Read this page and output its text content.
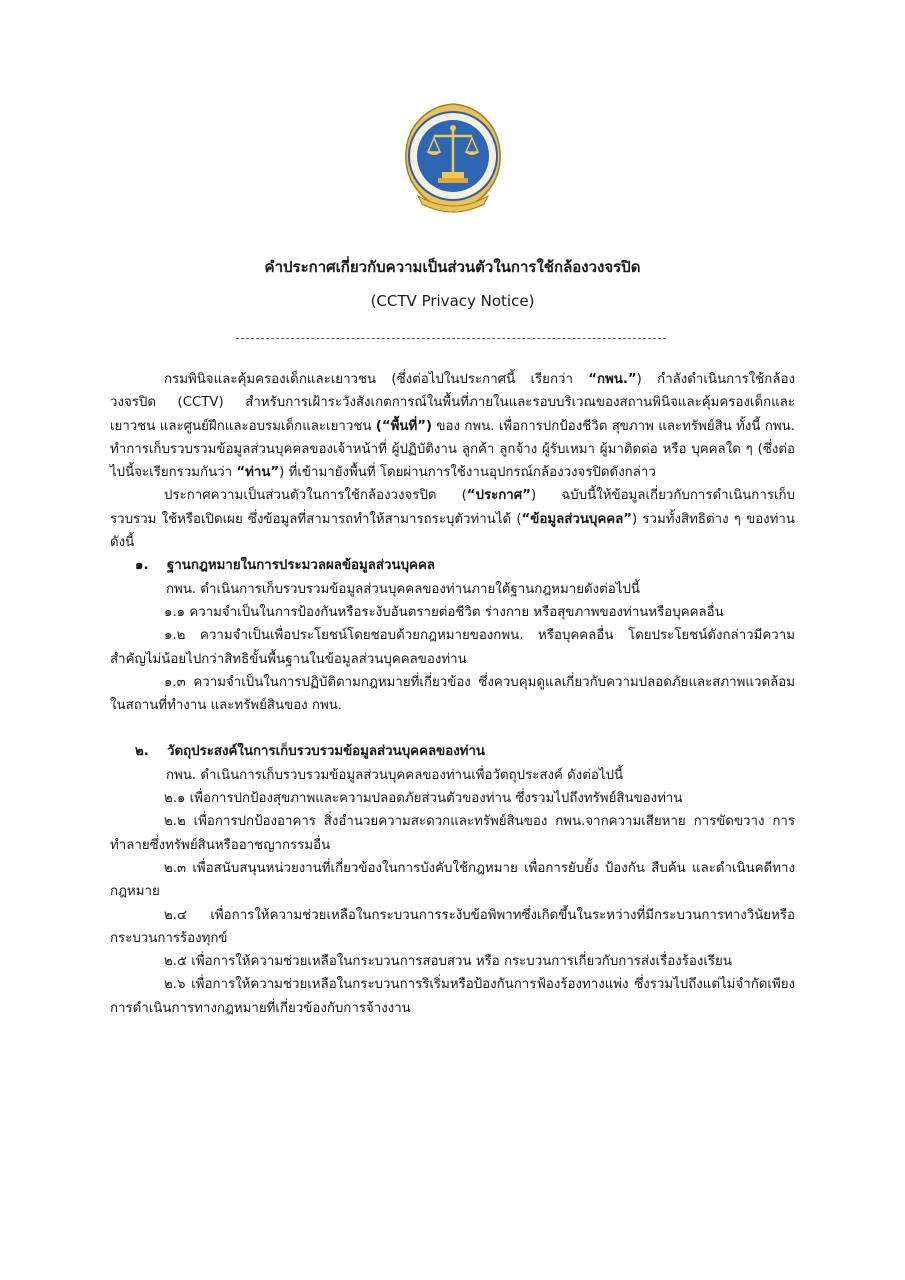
คำประกาศเกี่ยวกับความเป็นส่วนตัวในการใช้กล้องวงจรปิด
(CCTV Privacy Notice)

กรมพินิจและคุ้มครองเด็กและเยาวชน (ซึ่งต่อไปในประกาศนี้ เรียกว่า “กพน.”) กำลังดำเนินการใช้กล้องวงจรปิด (CCTV) สำหรับการเฝ้าระวังสังเกตการณ์ในพื้นที่ภายในและรอบบริเวณของสถานพินิจและคุ้มครองเด็กและเยาวชน และศูนย์ฝึกและอบรมเด็กและเยาวชน (“พื้นที่”) ของ กพน. เพื่อการปกป้องชีวิต สุขภาพ และทรัพย์สิน ทั้งนี้ กพน. ทำการเก็บรวบรวมข้อมูลส่วนบุคคลของเจ้าหน้าที่ ผู้ปฏิบัติงาน ลูกค้า ลูกจ้าง ผู้รับเหมา ผู้มาติดต่อ หรือ บุคคลใด ๆ (ซึ่งต่อไปนี้จะเรียกรวมกันว่า “ท่าน”) ที่เข้ามายังพื้นที่ โดยผ่านการใช้งานอุปกรณ์กล้องวงจรปิดดังกล่าว

ประกาศความเป็นส่วนตัวในการใช้กล้องวงจรปิด (“ประกาศ”) ฉบับนี้ให้ข้อมูลเกี่ยวกับการดำเนินการเก็บรวบรวม ใช้หรือเปิดเผย ซึ่งข้อมูลที่สามารถทำให้สามารถระบุตัวท่านได้ (“ข้อมูลส่วนบุคคล”) รวมทั้งสิทธิต่าง ๆ ของท่าน ดังนี้

๑. ฐานกฎหมายในการประมวลผลข้อมูลส่วนบุคคล

กพน. ดำเนินการเก็บรวบรวมข้อมูลส่วนบุคคลของท่านภายใต้ฐานกฎหมายดังต่อไปนี้

๑.๑ ความจำเป็นในการป้องกันหรือระงับอันตรายต่อชีวิต ร่างกาย หรือสุขภาพของท่านหรือบุคคลอื่น

๑.๒ ความจำเป็นเพื่อประโยชน์โดยชอบด้วยกฎหมายของกพน. หรือบุคคลอื่น โดยประโยชน์ดังกล่าวมีความสำคัญไม่น้อยไปกว่าสิทธิขั้นพื้นฐานในข้อมูลส่วนบุคคลของท่าน

๑.๓ ความจำเป็นในการปฏิบัติตามกฎหมายที่เกี่ยวข้อง ซึ่งควบคุมดูแลเกี่ยวกับความปลอดภัยและสภาพแวดล้อมในสถานที่ทำงาน และทรัพย์สินของ กพน.

๒. วัตถุประสงค์ในการเก็บรวบรวมข้อมูลส่วนบุคคลของท่าน

กพน. ดำเนินการเก็บรวบรวมข้อมูลส่วนบุคคลของท่านเพื่อวัตถุประสงค์ ดังต่อไปนี้

๒.๑ เพื่อการปกป้องสุขภาพและความปลอดภัยส่วนตัวของท่าน ซึ่งรวมไปถึงทรัพย์สินของท่าน

๒.๒ เพื่อการปกป้องอาคาร สิ่งอำนวยความสะดวกและทรัพย์สินของ กพน.จากความเสียหาย การขัดขวาง การทำลายซึ่งทรัพย์สินหรืออาชญากรรมอื่น

๒.๓ เพื่อสนับสนุนหน่วยงานที่เกี่ยวข้องในการบังคับใช้กฎหมาย เพื่อการยับยั้ง ป้องกัน สืบค้น และดำเนินคดีทางกฎหมาย

๒.๔ เพื่อการให้ความช่วยเหลือในกระบวนการระงับข้อพิพาทซึ่งเกิดขึ้นในระหว่างที่มีกระบวนการทางวินัยหรือกระบวนการร้องทุกข์

๒.๕ เพื่อการให้ความช่วยเหลือในกระบวนการสอบสวน หรือ กระบวนการเกี่ยวกับการส่งเรื่องร้องเรียน

๒.๖ เพื่อการให้ความช่วยเหลือในกระบวนการริเริ่มหรือป้องกันการฟ้องร้องทางแพ่ง ซึ่งรวมไปถึงแต่ไม่จำกัดเพียงการดำเนินการทางกฎหมายที่เกี่ยวข้องกับการจ้างงาน
